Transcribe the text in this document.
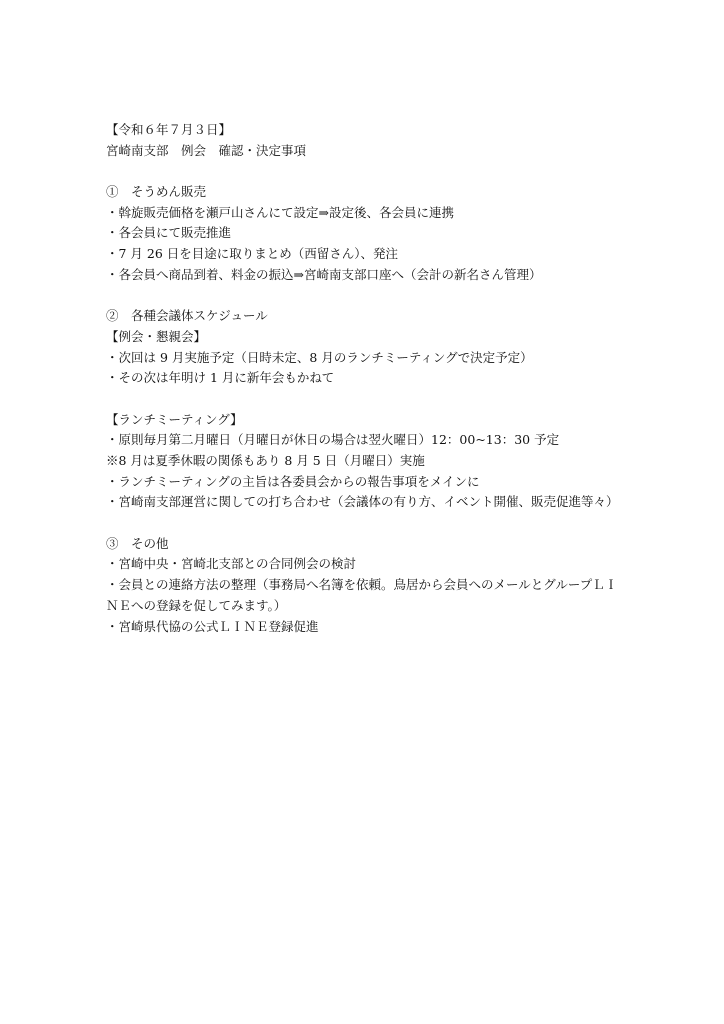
【令和６年７月３日】
宮崎南支部　例会　確認・決定事項
①　そうめん販売
・斡旋販売価格を瀬戸山さんにて設定⇒設定後、各会員に連携
・各会員にて販売推進
・7 月 26 日を目途に取りまとめ（西留さん）、発注
・各会員へ商品到着、料金の振込⇒宮崎南支部口座へ（会計の新名さん管理）
②　各種会議体スケジュール
【例会・懇親会】
・次回は 9 月実施予定（日時未定、8 月のランチミーティングで決定予定）
・その次は年明け 1 月に新年会もかねて
【ランチミーティング】
・原則毎月第二月曜日（月曜日が休日の場合は翌火曜日）12：00~13：30 予定
※8 月は夏季休暇の関係もあり 8 月 5 日（月曜日）実施
・ランチミーティングの主旨は各委員会からの報告事項をメインに
・宮崎南支部運営に関しての打ち合わせ（会議体の有り方、イベント開催、販売促進等々）
③　その他
・宮崎中央・宮崎北支部との合同例会の検討
・会員との連絡方法の整理（事務局へ名簿を依頼。鳥居から会員へのメールとグループＬＩ
ＮＥへの登録を促してみます。）
・宮崎県代協の公式ＬＩＮＥ登録促進
